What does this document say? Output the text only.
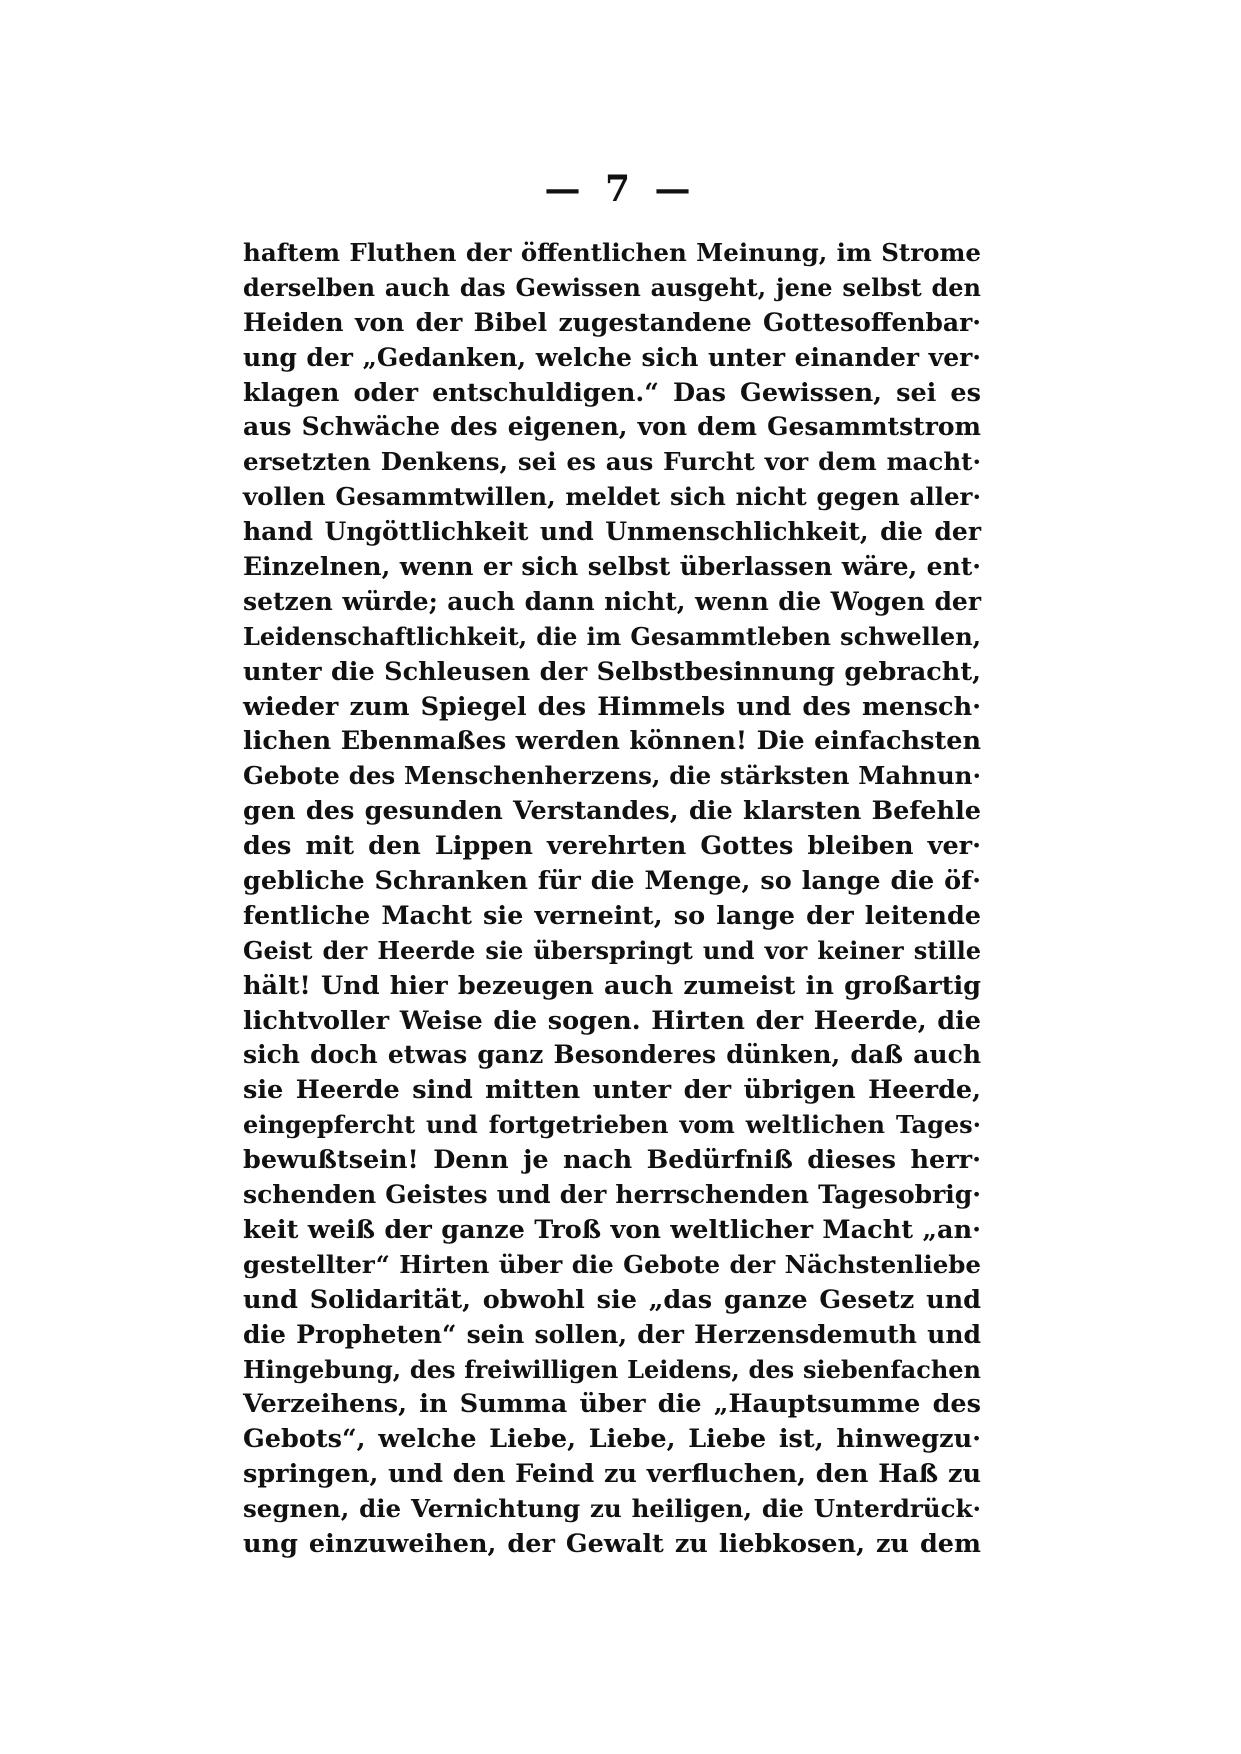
— 7 —
haftem Fluthen der öffentlichen Meinung, im Strome
derselben auch das Gewissen ausgeht, jene selbst den
Heiden von der Bibel zugestandene Gottesoffenbar·
ung der „Gedanken, welche sich unter einander ver·
klagen oder entschuldigen.“ Das Gewissen, sei es
aus Schwäche des eigenen, von dem Gesammtstrom
ersetzten Denkens, sei es aus Furcht vor dem macht·
vollen Gesammtwillen, meldet sich nicht gegen aller·
hand Ungöttlichkeit und Unmenschlichkeit, die der
Einzelnen, wenn er sich selbst überlassen wäre, ent·
setzen würde; auch dann nicht, wenn die Wogen der
Leidenschaftlichkeit, die im Gesammtleben schwellen,
unter die Schleusen der Selbstbesinnung gebracht,
wieder zum Spiegel des Himmels und des mensch·
lichen Ebenmaßes werden können! Die einfachsten
Gebote des Menschenherzens, die stärksten Mahnun·
gen des gesunden Verstandes, die klarsten Befehle
des mit den Lippen verehrten Gottes bleiben ver·
gebliche Schranken für die Menge, so lange die öf·
fentliche Macht sie verneint, so lange der leitende
Geist der Heerde sie überspringt und vor keiner stille
hält! Und hier bezeugen auch zumeist in großartig
lichtvoller Weise die sogen. Hirten der Heerde, die
sich doch etwas ganz Besonderes dünken, daß auch
sie Heerde sind mitten unter der übrigen Heerde,
eingepfercht und fortgetrieben vom weltlichen Tages·
bewußtsein! Denn je nach Bedürfniß dieses herr·
schenden Geistes und der herrschenden Tagesobrig·
keit weiß der ganze Troß von weltlicher Macht „an·
gestellter“ Hirten über die Gebote der Nächstenliebe
und Solidarität, obwohl sie „das ganze Gesetz und
die Propheten“ sein sollen, der Herzensdemuth und
Hingebung, des freiwilligen Leidens, des siebenfachen
Verzeihens, in Summa über die „Hauptsumme des
Gebots“, welche Liebe, Liebe, Liebe ist, hinwegzu·
springen, und den Feind zu verfluchen, den Haß zu
segnen, die Vernichtung zu heiligen, die Unterdrück·
ung einzuweihen, der Gewalt zu liebkosen, zu dem
